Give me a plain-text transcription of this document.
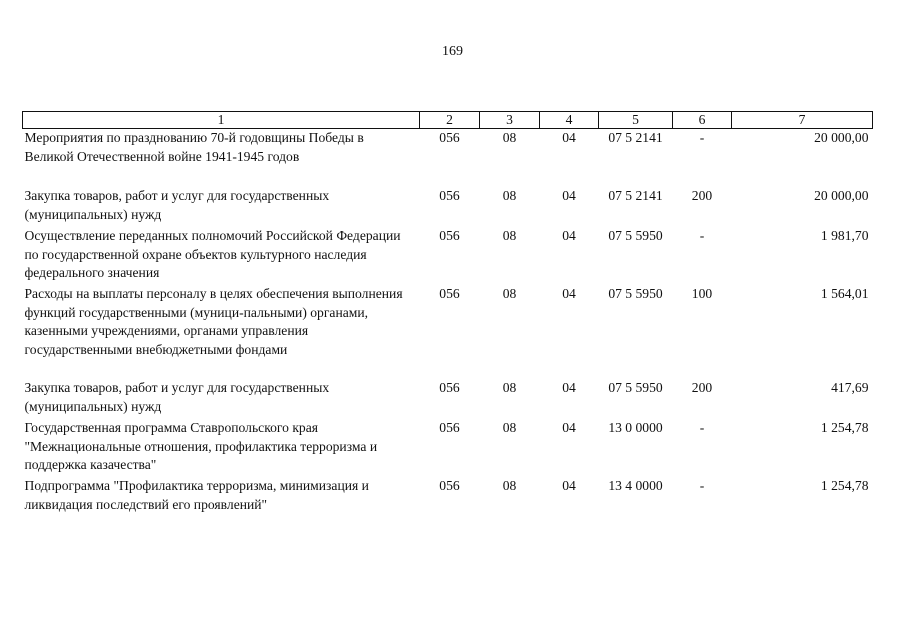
169
1	2	3	4	5	6	7
Мероприятия по празднованию 70-й годовщины Победы в Великой Отечественной войне 1941-1945 годов	056	08	04	07 5 2141	-	20 000,00
Закупка товаров, работ и услуг для государственных (муниципальных) нужд	056	08	04	07 5 2141	200	20 000,00
Осуществление переданных полномочий Российской Федерации по государственной охране объектов культурного наследия федерального значения	056	08	04	07 5 5950	-	1 981,70
Расходы на выплаты персоналу в целях обеспечения выполнения функций государственными (муници-пальными) органами, казенными учреждениями, органами управления государственными внебюджетными фондами	056	08	04	07 5 5950	100	1 564,01
Закупка товаров, работ и услуг для государственных (муниципальных) нужд	056	08	04	07 5 5950	200	417,69
Государственная программа Ставропольского края "Межнациональные отношения, профилактика терроризма и поддержка казачества"	056	08	04	13 0 0000	-	1 254,78
Подпрограмма "Профилактика терроризма, минимизация и ликвидация последствий его проявлений"	056	08	04	13 4 0000	-	1 254,78
